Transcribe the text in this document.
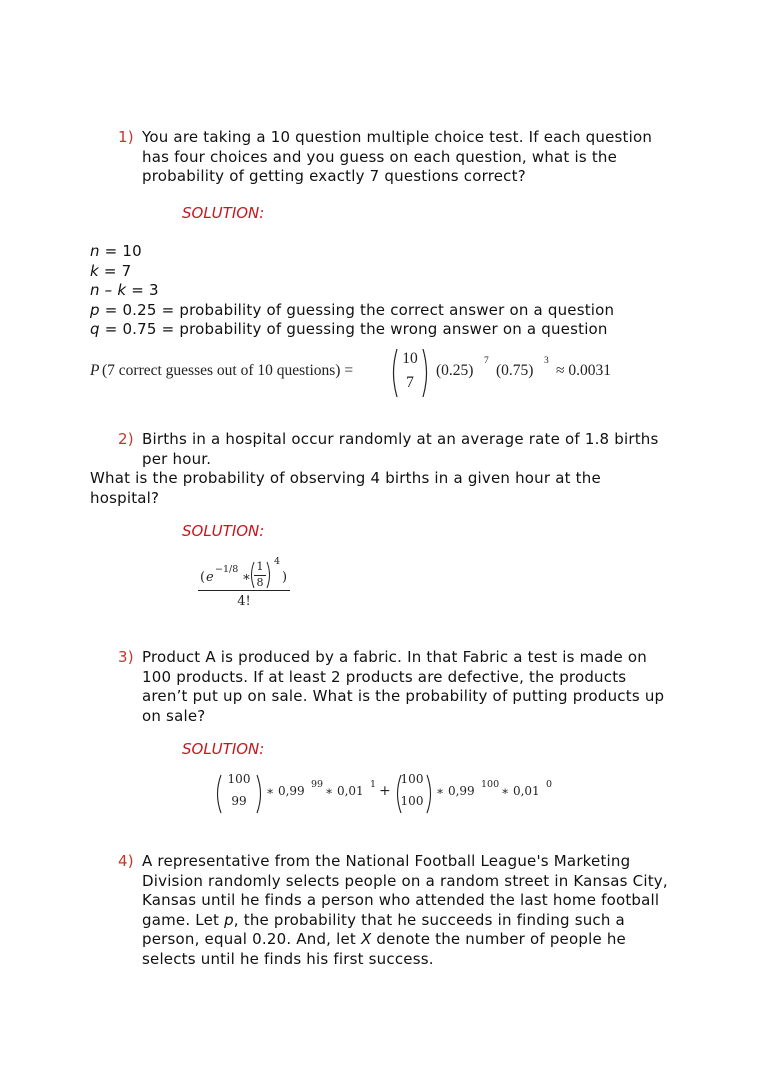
1) You are taking a 10 question multiple choice test. If each question
has four choices and you guess on each question, what is the
probability of getting exactly 7 questions correct?
SOLUTION:
n = 10
k = 7
n – k = 3
p = 0.25 = probability of guessing the correct answer on a question
q = 0.75 = probability of guessing the wrong answer on a question
P (7 correct guesses out of 10 questions) =
10
7
(0.25)
7
(0.75)
3
≈ 0.0031
2) Births in a hospital occur randomly at an average rate of 1.8 births
per hour.
What is the probability of observing 4 births in a given hour at the
hospital?
SOLUTION:
( e
−1/8
∗
1
8
4
)
4!
3) Product A is produced by a fabric. In that Fabric a test is made on
100 products. If at least 2 products are defective, the products
aren’t put up on sale. What is the probability of putting products up
on sale?
SOLUTION:
100
99
∗ 0,99 99 ∗ 0,01 1 +
100
100
∗ 0,99 100 ∗ 0,01 0
4) A representative from the National Football League's Marketing
Division randomly selects people on a random street in Kansas City,
Kansas until he finds a person who attended the last home football
game. Let p, the probability that he succeeds in finding such a
person, equal 0.20. And, let X denote the number of people he
selects until he finds his first success.
